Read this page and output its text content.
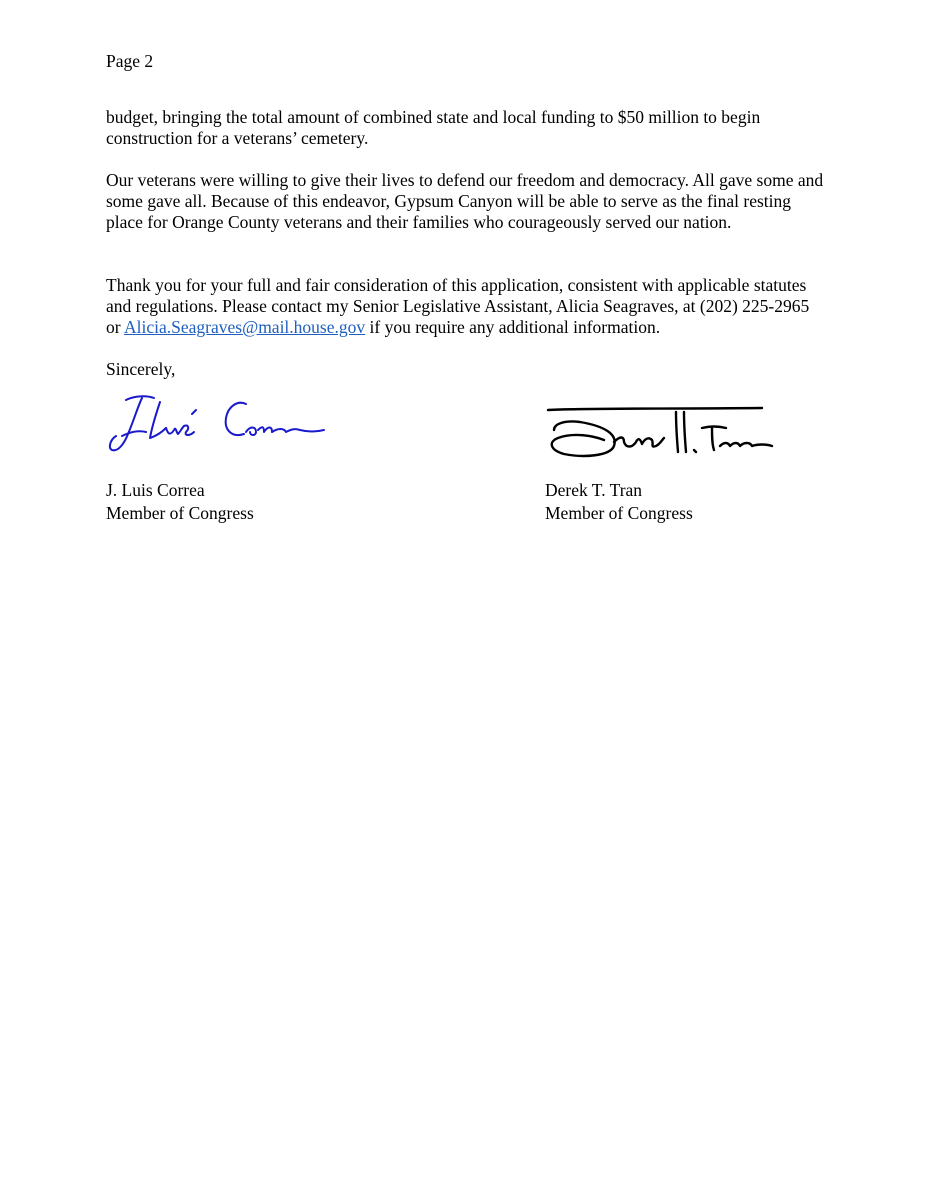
Page 2

budget, bringing the total amount of combined state and local funding to $50 million to begin construction for a veterans’ cemetery.

Our veterans were willing to give their lives to defend our freedom and democracy. All gave some and some gave all. Because of this endeavor, Gypsum Canyon will be able to serve as the final resting place for Orange County veterans and their families who courageously served our nation.

Thank you for your full and fair consideration of this application, consistent with applicable statutes and regulations. Please contact my Senior Legislative Assistant, Alicia Seagraves, at (202) 225-2965 or Alicia.Seagraves@mail.house.gov if you require any additional information.

Sincerely,

J. Luis Correa
Member of Congress
Derek T. Tran
Member of Congress
